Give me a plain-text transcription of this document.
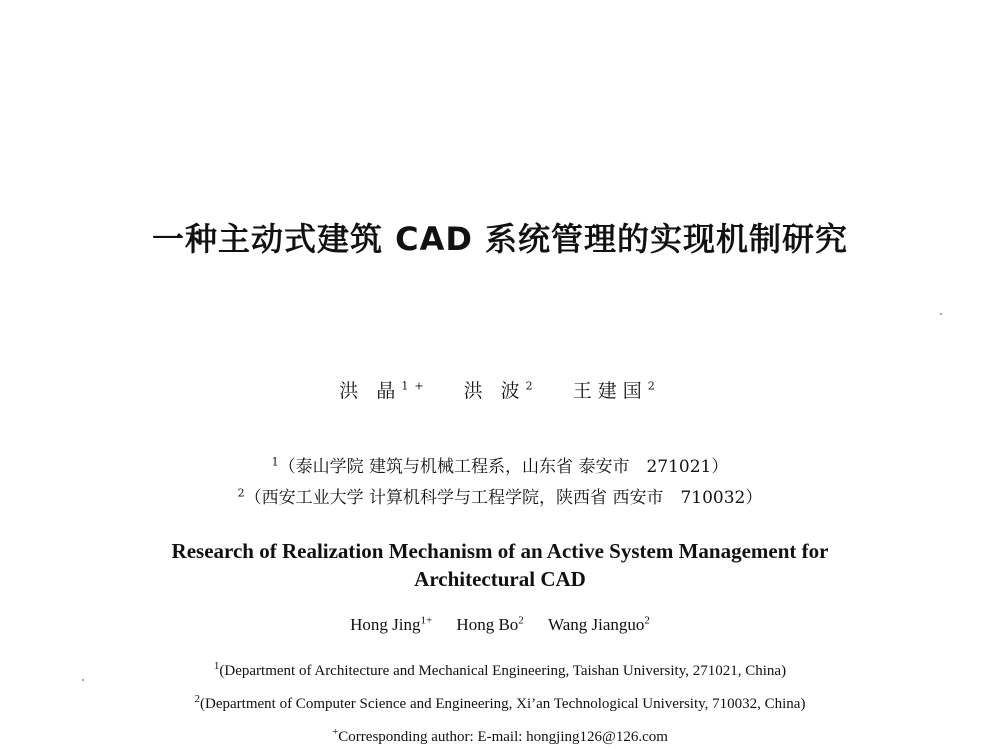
一种主动式建筑 CAD 系统管理的实现机制研究
洪 晶$^{1+}$ 洪 波$^2$ 王建国$^2$
$^1$（泰山学院 建筑与机械工程系，山东省 泰安市　271021）
$^2$（西安工业大学 计算机科学与工程学院，陕西省 西安市　710032）
Research of Realization Mechanism of an Active System Management for
Architectural CAD
Hong Jing$^{1+}$ Hong Bo$^2$ Wang Jianguo$^2$
$^1$(Department of Architecture and Mechanical Engineering, Taishan University, 271021, China)
$^2$(Department of Computer Science and Engineering, Xi’an Technological University, 710032, China)
+Corresponding author: E-mail: hongjing126@126.com
